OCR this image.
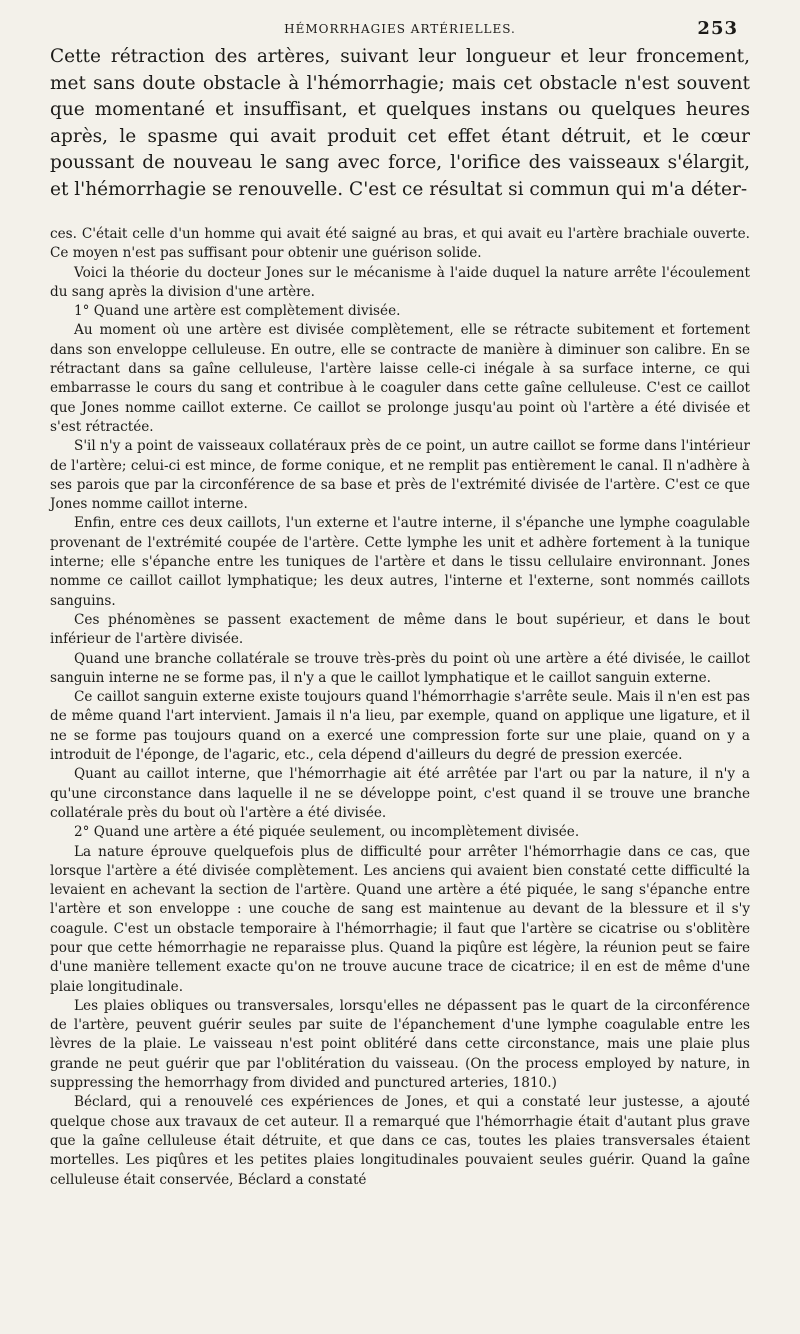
HÉMORRHAGIES ARTÉRIELLES.	253

Cette rétraction des artères, suivant leur longueur et leur froncement, met sans doute obstacle à l'hémorrhagie; mais cet obstacle n'est souvent que momentané et insuffisant, et quelques instans ou quelques heures après, le spasme qui avait produit cet effet étant détruit, et le cœur poussant de nouveau le sang avec force, l'orifice des vaisseaux s'élargit, et l'hémorrhagie se renouvelle. C'est ce résultat si commun qui m'a déter-

ces. C'était celle d'un homme qui avait été saigné au bras, et qui avait eu l'artère brachiale ouverte. Ce moyen n'est pas suffisant pour obtenir une guérison solide.

Voici la théorie du docteur Jones sur le mécanisme à l'aide duquel la nature arrête l'écoulement du sang après la division d'une artère.

1° Quand une artère est complètement divisée.

Au moment où une artère est divisée complètement, elle se rétracte subitement et fortement dans son enveloppe celluleuse. En outre, elle se contracte de manière à diminuer son calibre. En se rétractant dans sa gaîne celluleuse, l'artère laisse celle-ci inégale à sa surface interne, ce qui embarrasse le cours du sang et contribue à le coaguler dans cette gaîne celluleuse. C'est ce caillot que Jones nomme caillot externe. Ce caillot se prolonge jusqu'au point où l'artère a été divisée et s'est rétractée.

S'il n'y a point de vaisseaux collatéraux près de ce point, un autre caillot se forme dans l'intérieur de l'artère; celui-ci est mince, de forme conique, et ne remplit pas entièrement le canal. Il n'adhère à ses parois que par la circonférence de sa base et près de l'extrémité divisée de l'artère. C'est ce que Jones nomme caillot interne.

Enfin, entre ces deux caillots, l'un externe et l'autre interne, il s'épanche une lymphe coagulable provenant de l'extrémité coupée de l'artère. Cette lymphe les unit et adhère fortement à la tunique interne; elle s'épanche entre les tuniques de l'artère et dans le tissu cellulaire environnant. Jones nomme ce caillot caillot lymphatique; les deux autres, l'interne et l'externe, sont nommés caillots sanguins.

Ces phénomènes se passent exactement de même dans le bout supérieur, et dans le bout inférieur de l'artère divisée.

Quand une branche collatérale se trouve très-près du point où une artère a été divisée, le caillot sanguin interne ne se forme pas, il n'y a que le caillot lymphatique et le caillot sanguin externe.

Ce caillot sanguin externe existe toujours quand l'hémorrhagie s'arrête seule. Mais il n'en est pas de même quand l'art intervient. Jamais il n'a lieu, par exemple, quand on applique une ligature, et il ne se forme pas toujours quand on a exercé une compression forte sur une plaie, quand on y a introduit de l'éponge, de l'agaric, etc., cela dépend d'ailleurs du degré de pression exercée.

Quant au caillot interne, que l'hémorrhagie ait été arrêtée par l'art ou par la nature, il n'y a qu'une circonstance dans laquelle il ne se développe point, c'est quand il se trouve une branche collatérale près du bout où l'artère a été divisée.

2° Quand une artère a été piquée seulement, ou incomplètement divisée.

La nature éprouve quelquefois plus de difficulté pour arrêter l'hémorrhagie dans ce cas, que lorsque l'artère a été divisée complètement. Les anciens qui avaient bien constaté cette difficulté la levaient en achevant la section de l'artère. Quand une artère a été piquée, le sang s'épanche entre l'artère et son enveloppe : une couche de sang est maintenue au devant de la blessure et il s'y coagule. C'est un obstacle temporaire à l'hémorrhagie; il faut que l'artère se cicatrise ou s'oblitère pour que cette hémorrhagie ne reparaisse plus. Quand la piqûre est légère, la réunion peut se faire d'une manière tellement exacte qu'on ne trouve aucune trace de cicatrice; il en est de même d'une plaie longitudinale.

Les plaies obliques ou transversales, lorsqu'elles ne dépassent pas le quart de la circonférence de l'artère, peuvent guérir seules par suite de l'épanchement d'une lymphe coagulable entre les lèvres de la plaie. Le vaisseau n'est point oblitéré dans cette circonstance, mais une plaie plus grande ne peut guérir que par l'oblitération du vaisseau. (On the process employed by nature, in suppressing the hemorrhagy from divided and punctured arteries, 1810.)

Béclard, qui a renouvelé ces expériences de Jones, et qui a constaté leur justesse, a ajouté quelque chose aux travaux de cet auteur. Il a remarqué que l'hémorrhagie était d'autant plus grave que la gaîne celluleuse était détruite, et que dans ce cas, toutes les plaies transversales étaient mortelles. Les piqûres et les petites plaies longitudinales pouvaient seules guérir. Quand la gaîne celluleuse était conservée, Béclard a constaté
